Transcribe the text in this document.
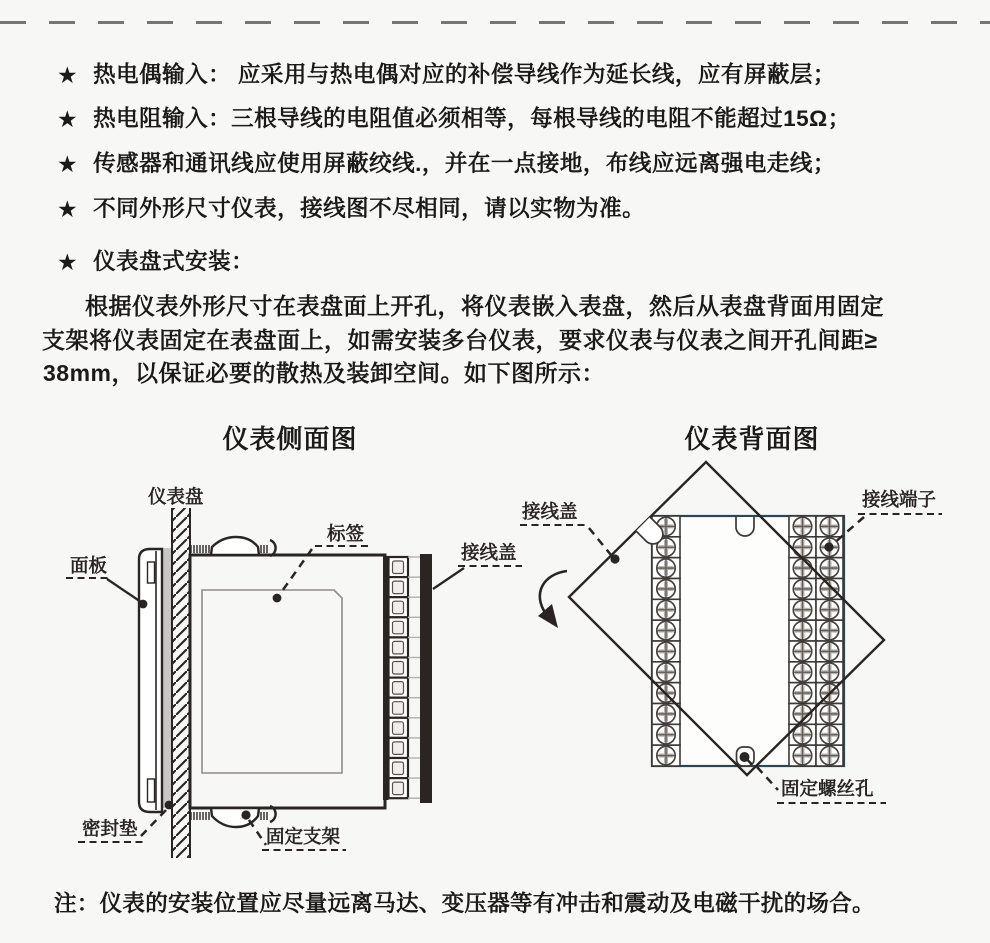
★ 热电偶输入： 应采用与热电偶对应的补偿导线作为延长线，应有屏蔽层；
★ 热电阻输入：三根导线的电阻值必须相等，每根导线的电阻不能超过15Ω；
★ 传感器和通讯线应使用屏蔽绞线.，并在一点接地，布线应远离强电走线；
★ 不同外形尺寸仪表，接线图不尽相同，请以实物为准。
★ 仪表盘式安装：
根据仪表外形尺寸在表盘面上开孔，将仪表嵌入表盘，然后从表盘背面用固定
支架将仪表固定在表盘面上，如需安装多台仪表，要求仪表与仪表之间开孔间距≥
38mm，以保证必要的散热及装卸空间。如下图所示：
仪表侧面图	仪表背面图
仪表盘
面板
标签
接线盖
密封垫	固定支架
接线盖
接线端子
固定螺丝孔
注：仪表的安装位置应尽量远离马达、变压器等有冲击和震动及电磁干扰的场合。
